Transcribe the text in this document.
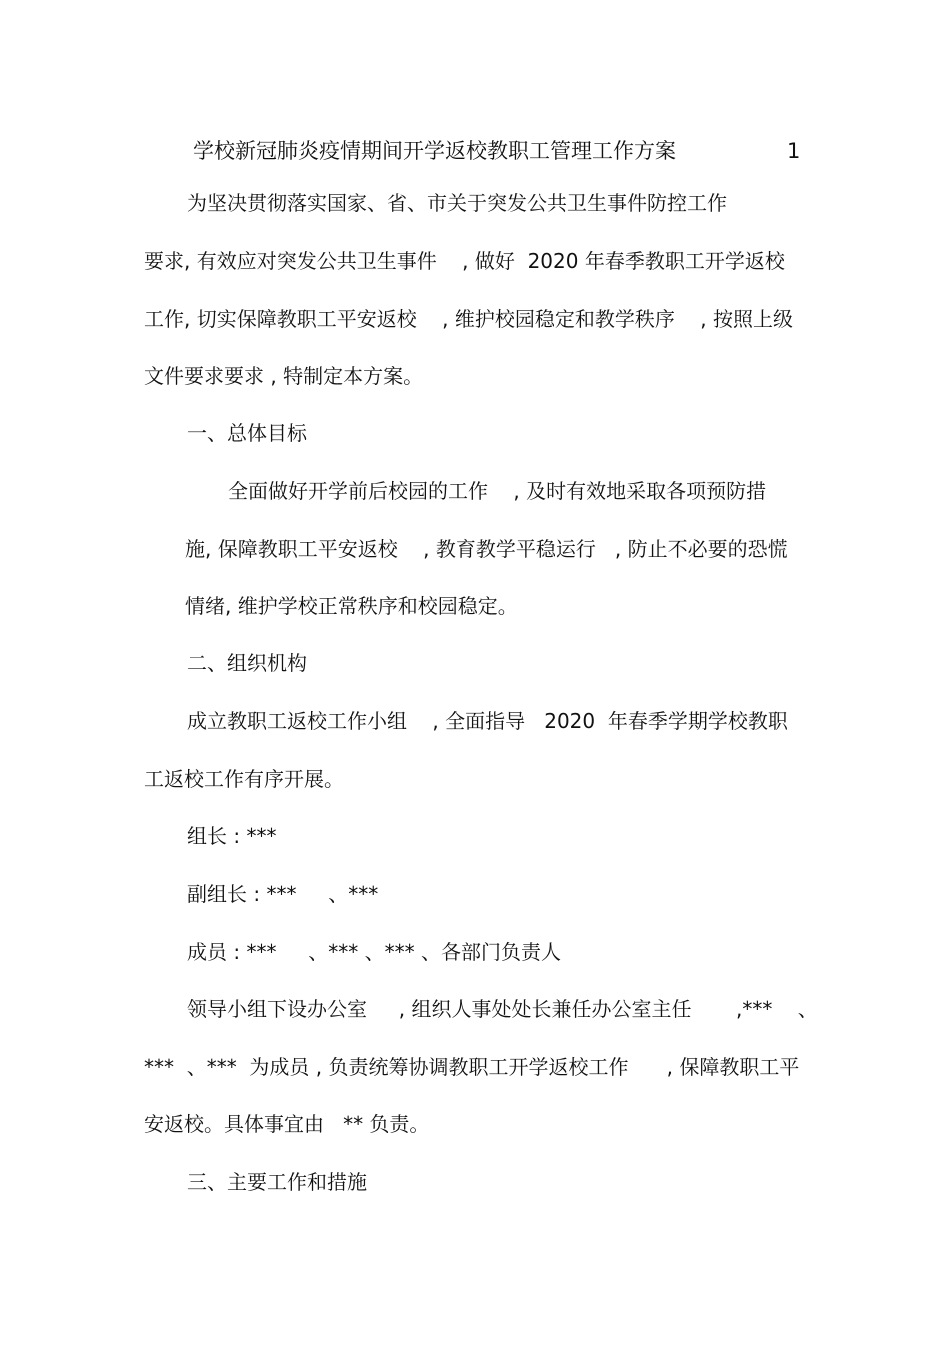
学校新冠肺炎疫情期间开学返校教职工管理工作方案	1
为坚决贯彻落实国家、省、市关于突发公共卫生事件防控工作
要求, 有效应对突发公共卫生事件    , 做好  2020 年春季教职工开学返校
工作, 切实保障教职工平安返校    , 维护校园稳定和教学秩序    , 按照上级
文件要求要求 , 特制定本方案。
一、总体目标
全面做好开学前后校园的工作    , 及时有效地采取各项预防措
施, 保障教职工平安返校    , 教育教学平稳运行   , 防止不必要的恐慌
情绪, 维护学校正常秩序和校园稳定。
二、组织机构
成立教职工返校工作小组    , 全面指导   2020  年春季学期学校教职
工返校工作有序开展。
组长 : ***
副组长 : ***     、***
成员 : ***     、*** 、*** 、各部门负责人
领导小组下设办公室     , 组织人事处处长兼任办公室主任       ,***    、
***  、***  为成员 , 负责统筹协调教职工开学返校工作      , 保障教职工平
安返校。具体事宜由   ** 负责。
三、主要工作和措施
